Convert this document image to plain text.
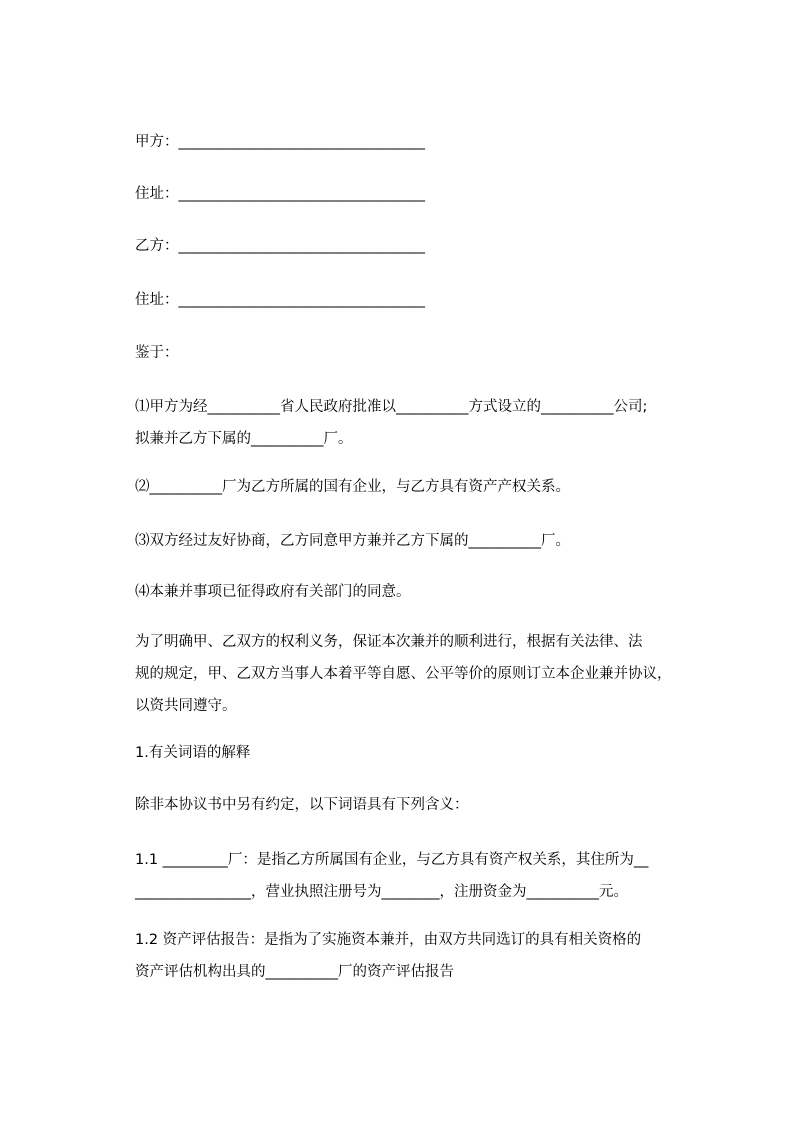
甲方：__________________________________
住址：__________________________________
乙方：__________________________________
住址：__________________________________
鉴于：
⑴甲方为经__________省人民政府批准以__________方式设立的__________公司;
拟兼并乙方下属的__________厂。
⑵__________厂为乙方所属的国有企业，与乙方具有资产产权关系。
⑶双方经过友好协商，乙方同意甲方兼并乙方下属的__________厂。
⑷本兼并事项已征得政府有关部门的同意。
为了明确甲、乙双方的权利义务，保证本次兼并的顺利进行，根据有关法律、法
规的规定，甲、乙双方当事人本着平等自愿、公平等价的原则订立本企业兼并协议，
以资共同遵守。
1.有关词语的解释
除非本协议书中另有约定，以下词语具有下列含义：
1.1 _________厂：是指乙方所属国有企业，与乙方具有资产权关系，其住所为__
________________，营业执照注册号为________，注册资金为__________元。
1.2 资产评估报告：是指为了实施资本兼并，由双方共同选订的具有相关资格的
资产评估机构出具的__________厂的资产评估报告
